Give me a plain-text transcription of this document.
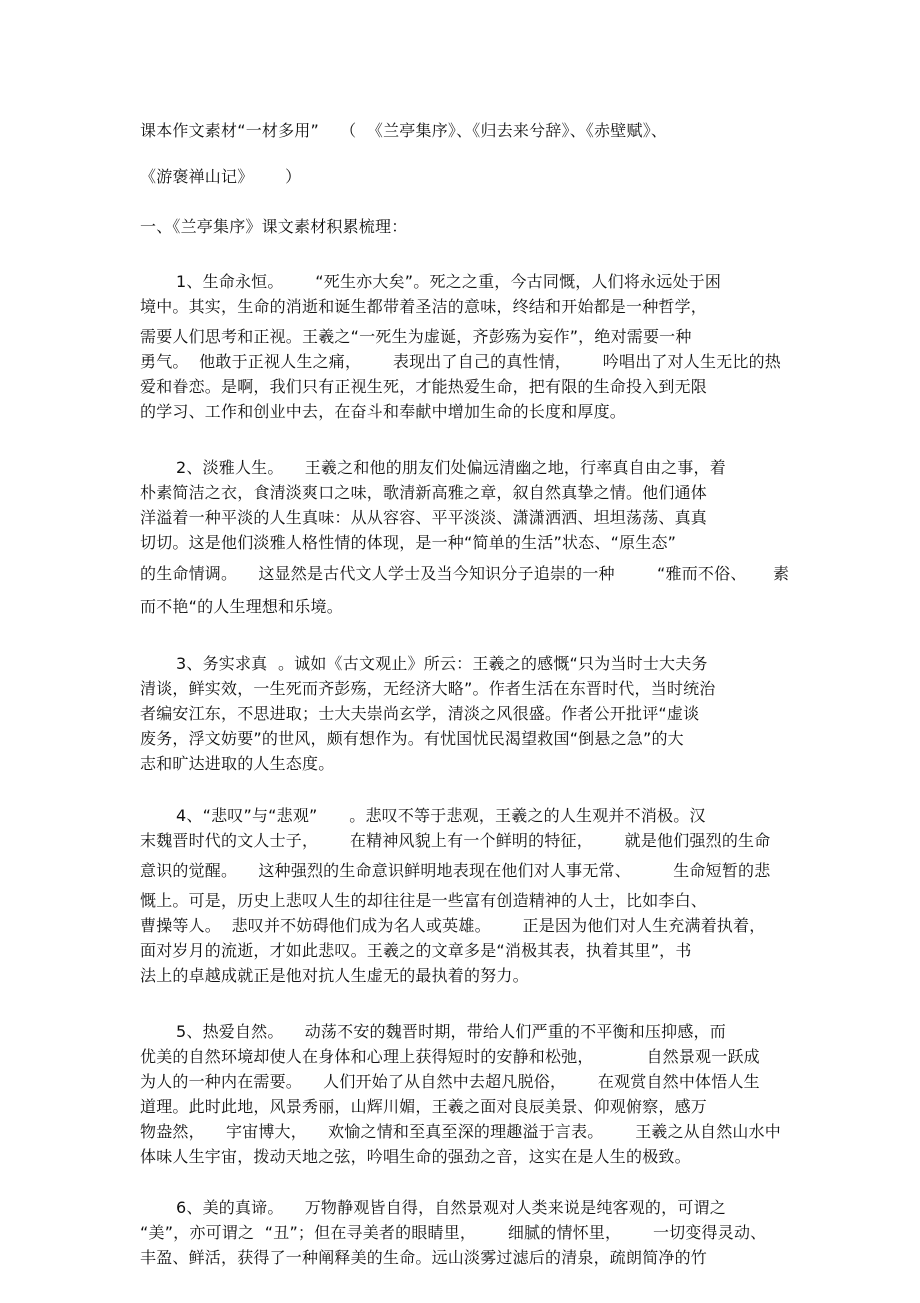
课本作文素材“一材多用”    （  《兰亭集序》、《归去来兮辞》、《赤壁赋》、
《游褒禅山记》      ）
一、《兰亭集序》课文素材积累梳理：
1、生命永恒。      “死生亦大矣”。死之之重，今古同慨，人们将永远处于困
境中。其实，生命的消逝和诞生都带着圣洁的意味，终结和开始都是一种哲学，
需要人们思考和正视。王羲之“一死生为虚诞，齐彭殇为妄作”，绝对需要一种
勇气。  他敢于正视人生之痛，      表现出了自己的真性情，      吟唱出了对人生无比的热
爱和眷恋。是啊，我们只有正视生死，才能热爱生命，把有限的生命投入到无限
的学习、工作和创业中去，在奋斗和奉献中增加生命的长度和厚度。
2、淡雅人生。    王羲之和他的朋友们处偏远清幽之地，行率真自由之事，着
朴素简洁之衣，食清淡爽口之味，歌清新高雅之章，叙自然真挚之情。他们通体
洋溢着一种平淡的人生真味：从从容容、平平淡淡、潇潇洒洒、坦坦荡荡、真真
切切。这是他们淡雅人格性情的体现，是一种“简单的生活”状态、“原生态”
的生命情调。    这显然是古代文人学士及当今知识分子追崇的一种        “雅而不俗、     素
而不艳“的人生理想和乐境。
3、务实求真  。诚如《古文观止》所云：王羲之的感慨“只为当时士大夫务
清谈，鲜实效，一生死而齐彭殇，无经济大略”。作者生活在东晋时代，当时统治
者编安江东，不思进取；士大夫崇尚玄学，清淡之风很盛。作者公开批评“虚谈
废务，浮文妨要”的世风，颇有想作为。有忧国忧民渴望救国“倒悬之急”的大
志和旷达进取的人生态度。
4、“悲叹”与“悲观”      。悲叹不等于悲观，王羲之的人生观并不消极。汉
末魏晋时代的文人士子，      在精神风貌上有一个鲜明的特征，      就是他们强烈的生命
意识的觉醒。    这种强烈的生命意识鲜明地表现在他们对人事无常、        生命短暂的悲
慨上。可是，历史上悲叹人生的却往往是一些富有创造精神的人士，比如李白、
曹操等人。  悲叹并不妨碍他们成为名人或英雄。      正是因为他们对人生充满着执着，
面对岁月的流逝，才如此悲叹。王羲之的文章多是“消极其表，执着其里”，书
法上的卓越成就正是他对抗人生虚无的最执着的努力。
5、热爱自然。    动荡不安的魏晋时期，带给人们严重的不平衡和压抑感，而
优美的自然环境却使人在身体和心理上获得短时的安静和松弛，          自然景观一跃成
为人的一种内在需要。    人们开始了从自然中去超凡脱俗，      在观赏自然中体悟人生
道理。此时此地，风景秀丽，山辉川媚，王羲之面对良辰美景、仰观俯察，感万
物盎然，    宇宙博大，    欢愉之情和至真至深的理趣溢于言表。      王羲之从自然山水中
体味人生宇宙，拨动天地之弦，吟唱生命的强劲之音，这实在是人生的极致。
6、美的真谛。    万物静观皆自得，自然景观对人类来说是纯客观的，可谓之
“美”，亦可谓之  “丑”；但在寻美者的眼睛里，      细腻的情怀里，      一切变得灵动、
丰盈、鲜活，获得了一种阐释美的生命。远山淡雾过滤后的清泉，疏朗简净的竹
